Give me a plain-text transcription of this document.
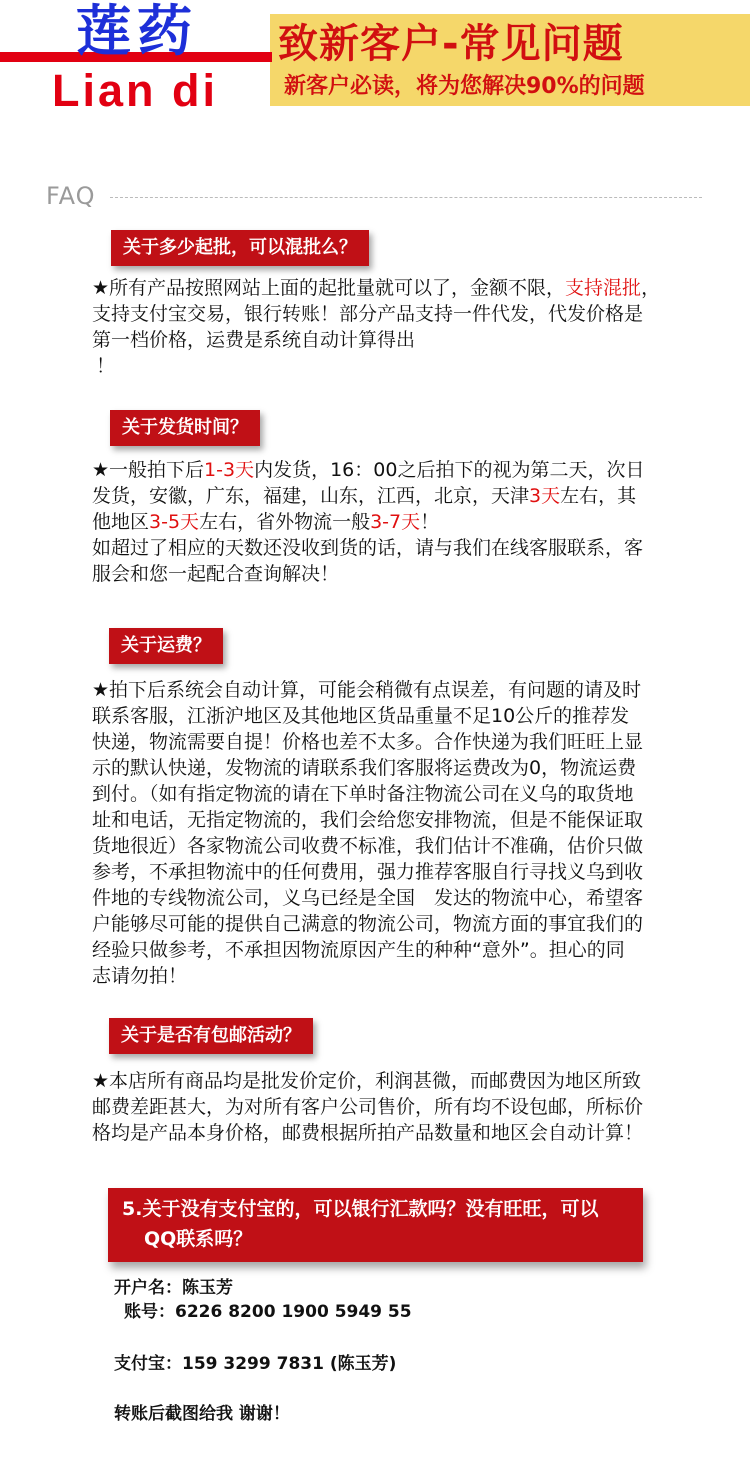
莲药
Lian di
致新客户-常见问题
新客户必读，将为您解决90%的问题
FAQ
关于多少起批，可以混批么？
★所有产品按照网站上面的起批量就可以了，金额不限，支持混批，
支持支付宝交易，银行转账！部分产品支持一件代发，代发价格是
第一档价格，运费是系统自动计算得出
！
关于发货时间？
★一般拍下后1-3天内发货，16：00之后拍下的视为第二天，次日
发货，安徽，广东，福建，山东，江西，北京，天津3天左右，其
他地区3-5天左右，省外物流一般3-7天！
如超过了相应的天数还没收到货的话，请与我们在线客服联系，客
服会和您一起配合查询解决！
关于运费？
★拍下后系统会自动计算，可能会稍微有点误差，有问题的请及时
联系客服，江浙沪地区及其他地区货品重量不足10公斤的推荐发
快递，物流需要自提！价格也差不太多。合作快递为我们旺旺上显
示的默认快递，发物流的请联系我们客服将运费改为0，物流运费
到付。（如有指定物流的请在下单时备注物流公司在义乌的取货地
址和电话，无指定物流的，我们会给您安排物流，但是不能保证取
货地很近）各家物流公司收费不标准，我们估计不准确，估价只做
参考，不承担物流中的任何费用，强力推荐客服自行寻找义乌到收
件地的专线物流公司，义乌已经是全国　发达的物流中心，希望客
户能够尽可能的提供自己满意的物流公司，物流方面的事宜我们的
经验只做参考，不承担因物流原因产生的种种“意外”。担心的同
志请勿拍！
关于是否有包邮活动？
★本店所有商品均是批发价定价，利润甚微，而邮费因为地区所致
邮费差距甚大，为对所有客户公司售价，所有均不设包邮，所标价
格均是产品本身价格，邮费根据所拍产品数量和地区会自动计算！
5.关于没有支付宝的，可以银行汇款吗？没有旺旺，可以
QQ联系吗？
开户名：陈玉芳
账号：6226 8200 1900 5949 55
支付宝：159 3299 7831 (陈玉芳)
转账后截图给我 谢谢！
